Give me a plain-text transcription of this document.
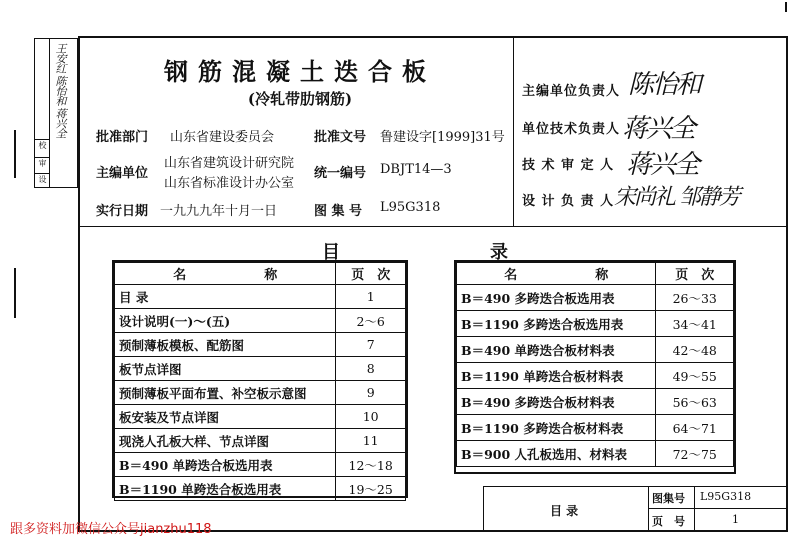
校
审
设
王安红 陈怡和 蒋兴全	钢筋混凝土迭合板
(冷轧带肋钢筋)
批准部门 山东省建设委员会
主编单位
山东省建筑设计研究院
山东省标准设计办公室
实行日期 一九九九年十月一日
批准文号 鲁建设字[1999]31号
统一编号 DBJT14—3
图 集 号 L95G318
主编单位负责人 陈怡和
单位技术负责人 蒋兴全
技 术 审 定 人 蒋兴全
设 计 负 责 人 宋尚礼 邹静芳
目	录
名　　　　　　称	页　次
目 录	1
设计说明(一)～(五)	2～6
预制薄板模板、配筋图	7
板节点详图	8
预制薄板平面布置、补空板示意图	9
板安装及节点详图	10
现浇人孔板大样、节点详图	11
B＝490 单跨迭合板选用表	12～18
B＝1190 单跨迭合板选用表	19～25
名　　　　　　称	页　次
B＝490 多跨迭合板选用表	26～33
B＝1190 多跨迭合板选用表	34～41
B＝490 单跨迭合板材料表	42～48
B＝1190 单跨迭合板材料表	49～55
B＝490 多跨迭合板材料表	56～63
B＝1190 多跨迭合板材料表	64～71
B＝900 人孔板选用、材料表	72～75
目 录
图集号 L95G318
页　号	1
跟多资料加微信公众号jianzhu118
